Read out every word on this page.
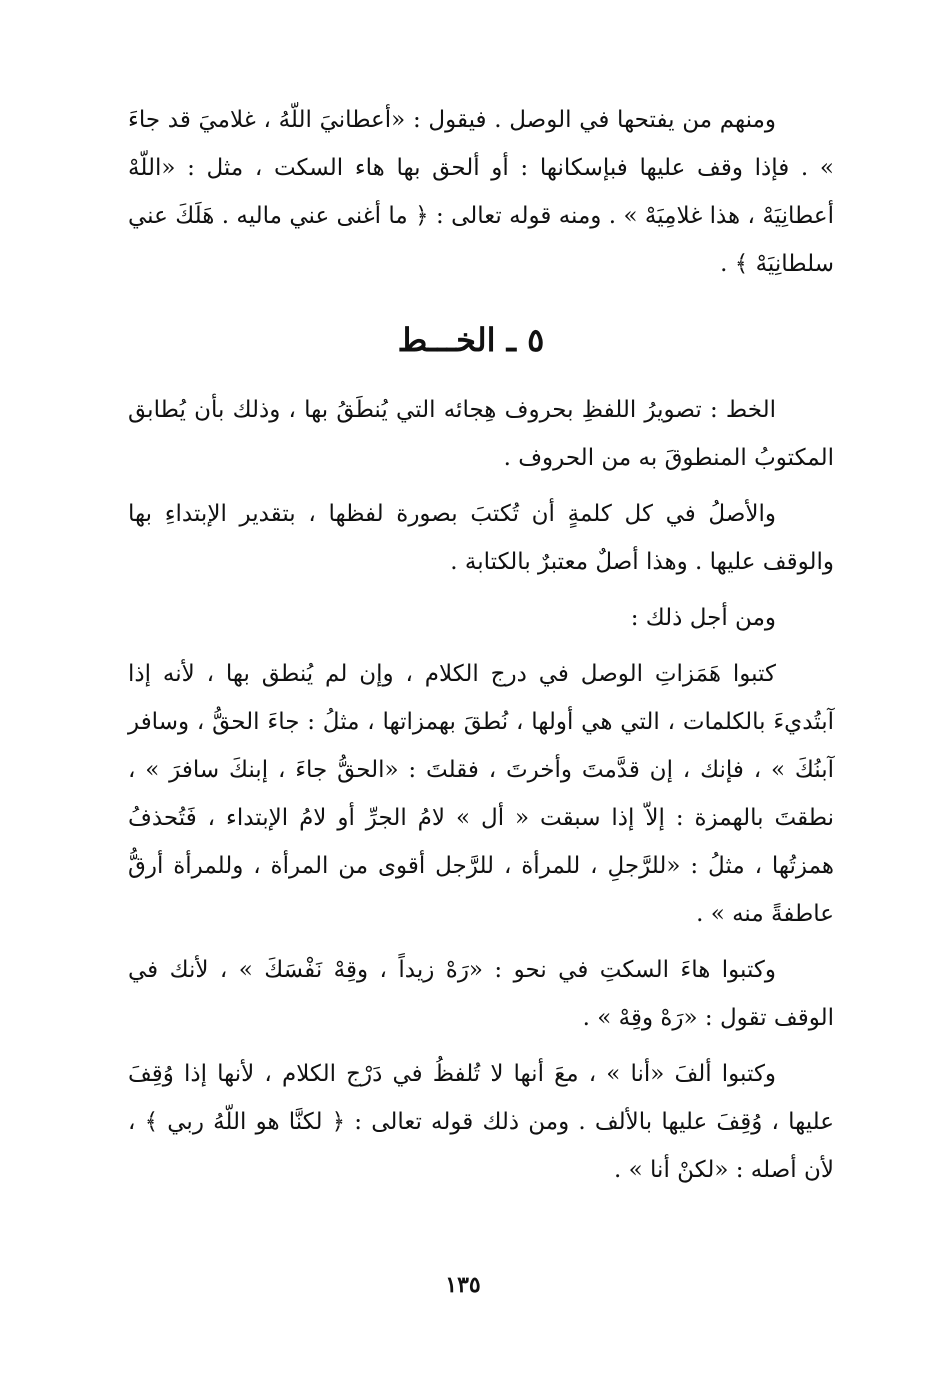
ومنهم من يفتحها في الوصل . فيقول : «أعطانيَ اللّهُ ، غلاميَ قد جاءَ » . فإذا وقف عليها فبإسكانها : أو ألحق بها هاء السكت ، مثل : «اللّهْ أعطانِيَهْ ، هذا غلامِيَهْ » . ومنه قوله تعالى : ﴿ ما أغنى عني ماليه . هَلَكَ عني سلطانِيَهْ ﴾ .

٥ ـ الخـــط

الخط : تصويرُ اللفظِ بحروف هِجائه التي يُنطَقُ بها ، وذلك بأن يُطابق المكتوبُ المنطوقَ به من الحروف .

والأصلُ في كل كلمةٍ أن تُكتبَ بصورة لفظها ، بتقدير الإبتداءِ بها والوقف عليها . وهذا أصلٌ معتبرٌ بالكتابة .

ومن أجل ذلك :

كتبوا هَمَزاتِ الوصل في درج الكلام ، وإن لم يُنطق بها ، لأنه إذا آبتُديءَ بالكلمات ، التي هي أولها ، نُطقَ بهمزاتها ، مثلُ : جاءَ الحقُّ ، وسافر آبنُكَ » ، فإنك ، إن قدَّمتَ وأخرتَ ، فقلتَ : «الحقُّ جاءَ ، إبنكَ سافرَ » ، نطقتَ بالهمزة : إلاّ إذا سبقت « أل » لامُ الجرِّ أو لامُ الإبتداء ، فَتُحذفُ همزتُها ، مثلُ : «للرَّجلِ ، للمرأة ، للرَّجل أقوى من المرأة ، وللمرأة أرقُّ عاطفةً منه » .

وكتبوا هاءَ السكتِ في نحو : «رَهْ زيداً ، وقِهْ نَفْسَكَ » ، لأنك في الوقف تقول : «رَهْ وقِهْ » .

وكتبوا ألفَ «أنا » ، معَ أنها لا تُلفظُ في دَرْج الكلام ، لأنها إذا وُقِفَ عليها ، وُقِفَ عليها بالألف . ومن ذلك قوله تعالى : ﴿ لكنَّا هو اللّهُ ربي ﴾ ، لأن أصله : «لكنْ أنا » .

١٣٥
